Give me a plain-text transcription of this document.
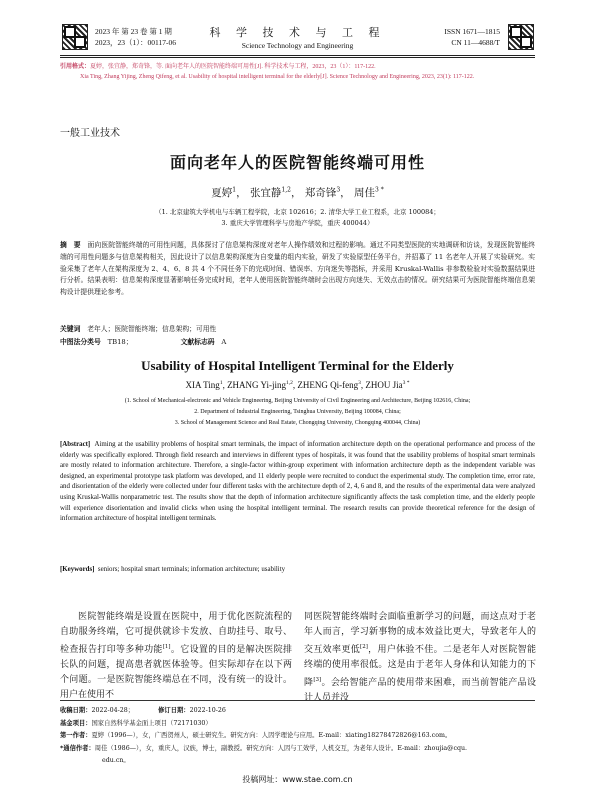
2023 年 第 23 卷 第 1 期
2023，23（1）：00117-06
科 学 技 术 与 工 程
Science Technology and Engineering
ISSN 1671—1815
CN 11—4688/T
引用格式：夏婷，张宜静，郑奇锋，等. 面向老年人的医院智能终端可用性[J]. 科学技术与工程，2023，23（1）：117-122.
Xia Ting, Zhang Yijing, Zheng Qifeng, et al. Usability of hospital intelligent terminal for the elderly[J]. Science Technology and Engineering, 2023, 23(1): 117-122.
一般工业技术
面向老年人的医院智能终端可用性
夏婷$^1$， 张宜静$^{1,2}$， 郑奇锋$^3$， 周佳$^{3 *}$
（1. 北京建筑大学机电与车辆工程学院，北京 102616；2. 清华大学工业工程系，北京 100084；
3. 重庆大学管理科学与房地产学院，重庆 400044）
摘　要　 面向医院智能终端的可用性问题，具体探讨了信息架构深度对老年人操作绩效和过程的影响。通过不同类型医院的实地调研和访谈，发现医院智能终端的可用性问题多与信息架构相关，因此设计了以信息架构深度为自变量的组内实验，研发了实验原型任务平台，并招募了 11 名老年人开展了实验研究。实验采集了老年人在架构深度为 2、4、6、8 共 4 个不同任务下的完成时间、错误率、方向迷失等指标，并采用 Kruskal-Wallis 非参数检验对实验数据结果进行分析。结果表明：信息架构深度显著影响任务完成时间，老年人使用医院智能终端时会出现方向迷失、无效点击的情况。研究结果可为医院智能终端信息架构设计提供理论参考。
关键词　 老年人；医院智能终端；信息架构；可用性
中图法分类号　 TB18；	文献标志码　 A
Usability of Hospital Intelligent Terminal for the Elderly
XIA Ting$^1$, ZHANG Yi-jing$^{1,2}$, ZHENG Qi-feng$^3$, ZHOU Jia$^{3 *}$
(1. School of Mechanical-electronic and Vehicle Engineering, Beijing University of Civil Engineering and Architecture, Beijing 102616, China;
2. Department of Industrial Engineering, Tsinghua University, Beijing 100084, China;
3. School of Management Science and Real Estate, Chongqing University, Chongqing 400044, China)
[Abstract] Aiming at the usability problems of hospital smart terminals, the impact of information architecture depth on the operational performance and process of the elderly was specifically explored. Through field research and interviews in different types of hospitals, it was found that the usability problems of hospital smart terminals are mostly related to information architecture. Therefore, a single-factor within-group experiment with information architecture depth as the independent variable was designed, an experimental prototype task platform was developed, and 11 elderly people were recruited to conduct the experimental study. The completion time, error rate, and disorientation of the elderly were collected under four different tasks with the architecture depth of 2, 4, 6 and 8, and the results of the experimental data were analyzed using Kruskal-Wallis nonparametric test. The results show that the depth of information architecture significantly affects the task completion time, and the elderly people will experience disorientation and invalid clicks when using the hospital intelligent terminal. The research results can provide theoretical reference for the design of information architecture of hospital intelligent terminals.
[Keywords] seniors; hospital smart terminals; information architecture; usability
医院智能终端是设置在医院中，用于优化医院流程的自助服务终端，它可提供就诊卡发放、自助挂号、取号、检查报告打印等多种功能[1]。它设置的目的是解决医院排长队的问题，提高患者就医体验等。但实际却存在以下两个问题。一是医院智能终端总在不同，没有统一的设计。用户在使用不
同医院智能终端时会面临重新学习的问题，而这点对于老年人而言，学习新事物的成本效益比更大，导致老年人的交互效率更低[2]，用户体验不佳。二是老年人对医院智能终端的使用率很低。这是由于老年人身体和认知能力的下降[3]。会给智能产品的使用带来困难，而当前智能产品设计人员并没
收稿日期：2022-04-28；	修订日期：2022-10-26
基金项目：国家自然科学基金面上项目（72171030）
第一作者：夏婷（1996—），女，广西贺州人，硕士研究生。研究方向：人因学理论与应用。E-mail：xiating18278472826@163.com。
*通信作者：周佳（1986—），女，重庆人，汉族，博士，副教授。研究方向：人因与工效学，人机交互，为老年人设计。E-mail：zhoujia@cqu.
edu.cn。
投稿网址：www.stae.com.cn
